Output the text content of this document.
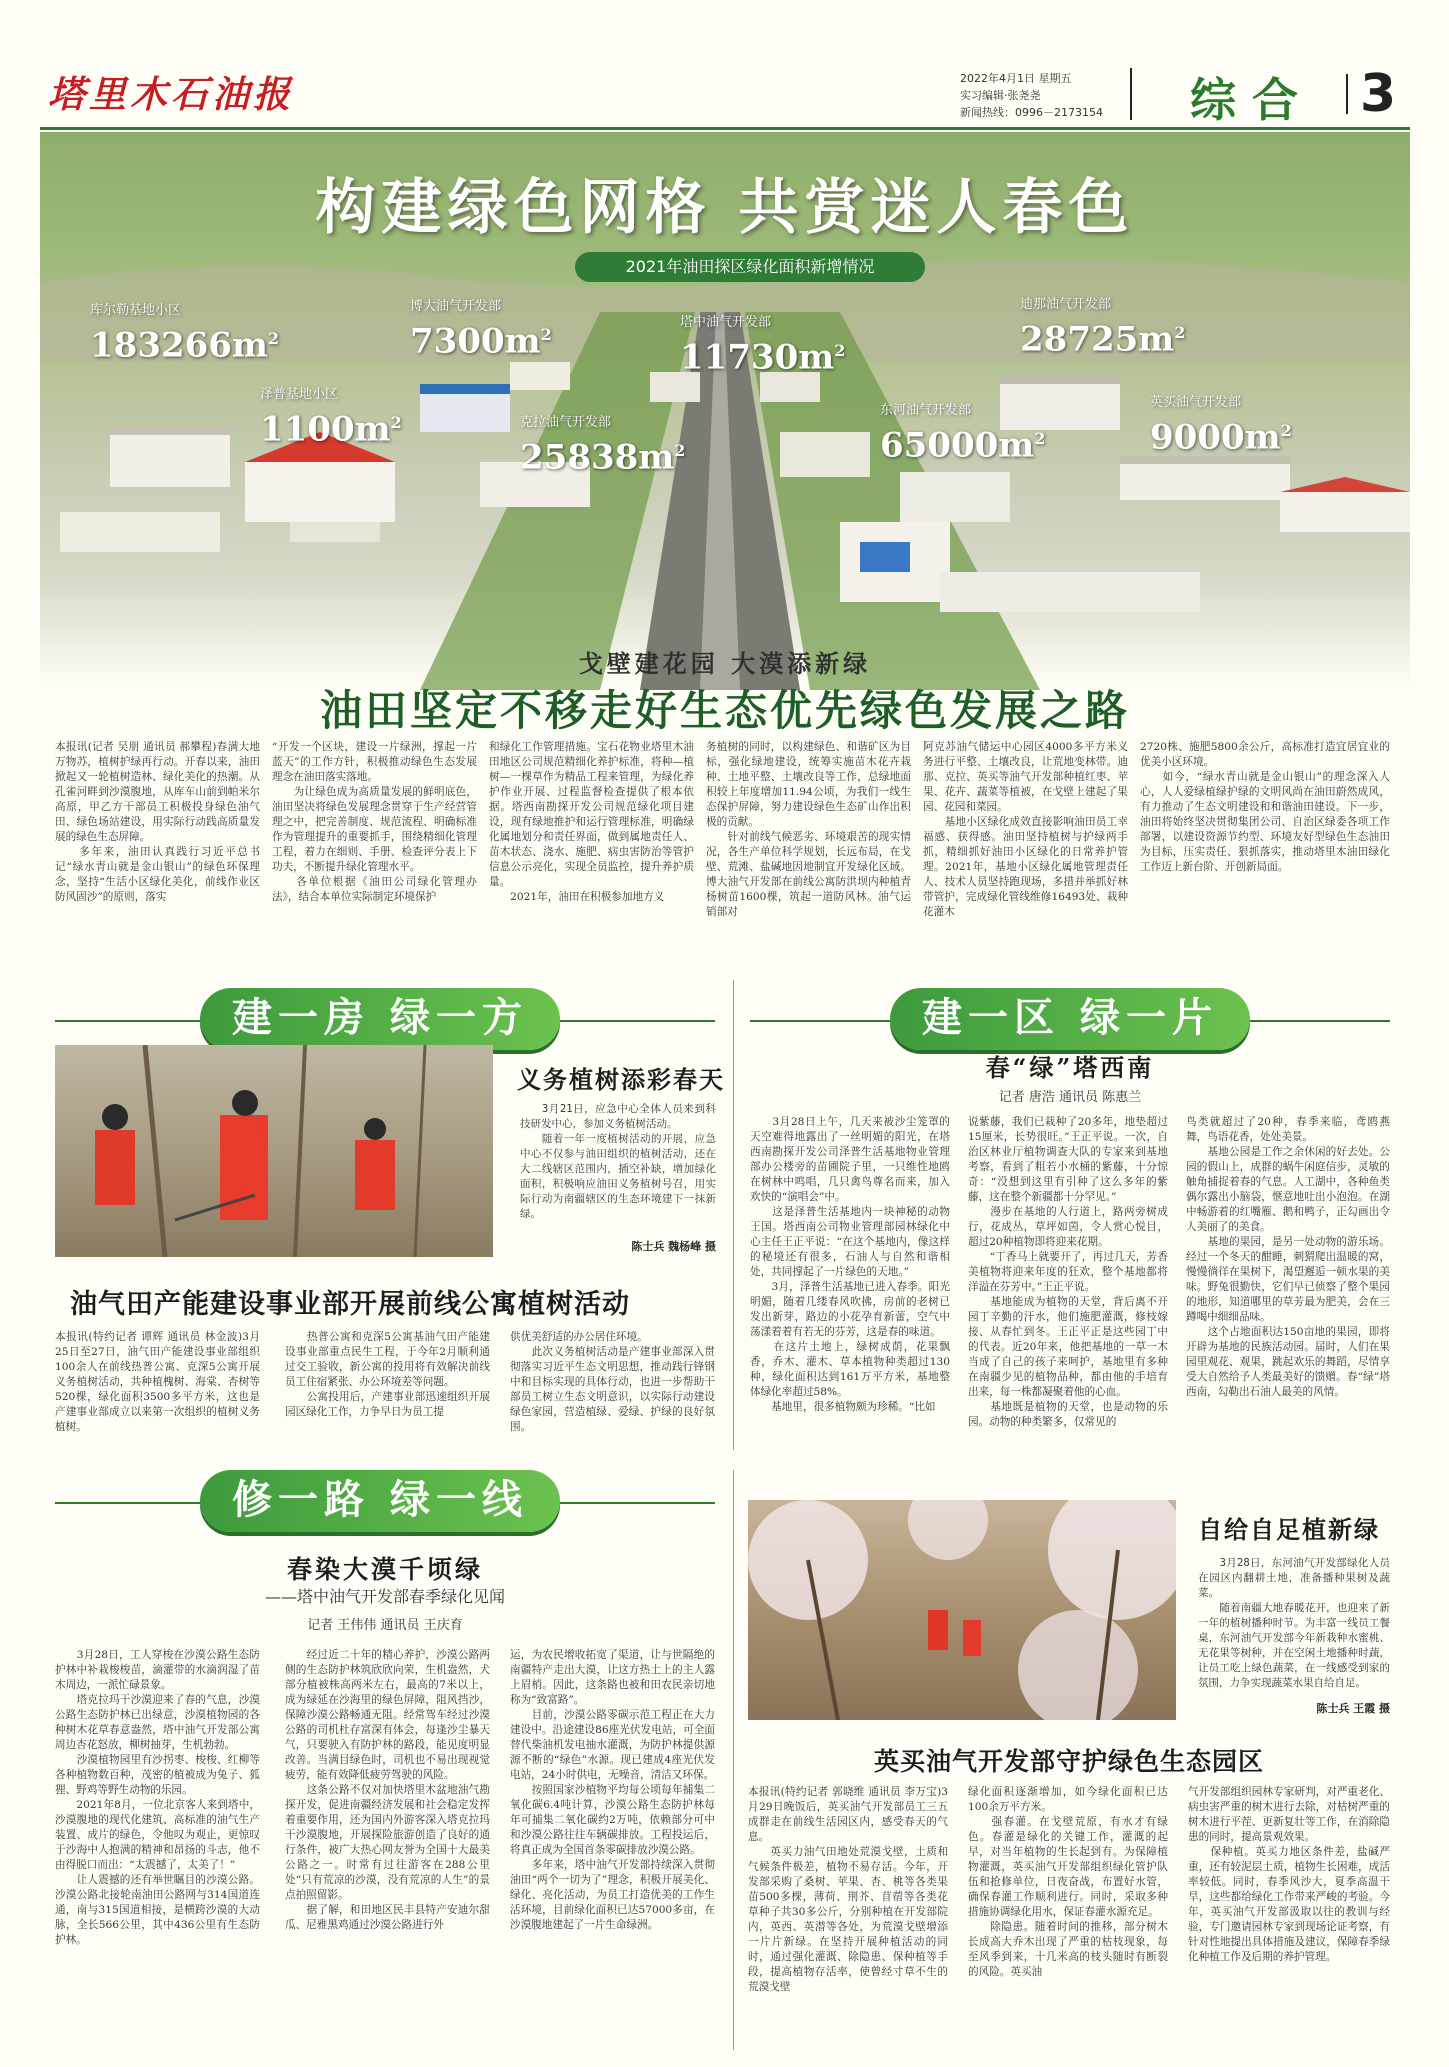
塔里木石油报	2022年4月1日 星期五
实习编辑·张尧尧
新闻热线：0996－2173154	综合 3
构建绿色网格 共赏迷人春色
2021年油田探区绿化面积新增情况
库尔勒基地小区
$183266m^2$
博大油气开发部
$7300m^2$
塔中油气开发部
$11730m^2$
迪那油气开发部
$28725m^2$
泽普基地小区
$1100m^2$	克拉油气开发部
$25838m^2$
东河油气开发部
$65000m^2$
英买油气开发部
$9000m^2$
戈壁建花园 大漠添新绿
油田坚定不移走好生态优先绿色发展之路
本报讯(记者 吴朋 通讯员 郝攀程)春满大地万物苏，植树护绿再行动。开春以来，油田掀起又一轮植树造林、绿化美化的热潮。从孔雀河畔到沙漠腹地，从库车山前到帕米尔高原，甲乙方干部员工积极投身绿色油气田、绿色场站建设，用实际行动践高质量发展的绿色生态屏障。
　　多年来，油田认真践行习近平总书记“绿水青山就是金山银山”的绿色环保理念，坚持“生活小区绿化美化，前线作业区防风固沙”的原则，落实
“开发一个区块，建设一片绿洲，撑起一片蓝天”的工作方针，积极推动绿色生态发展理念在油田落实落地。
　　为让绿色成为高质量发展的鲜明底色，油田坚决将绿色发展理念贯穿于生产经营管理之中，把完善制度、规范流程、明确标准作为管理提升的重要抓手，围绕精细化管理工程，着力在细则、手册、检查评分表上下功夫，不断提升绿化管理水平。
　　各单位根据《油田公司绿化管理办法》，结合本单位实际制定环境保护
和绿化工作管理措施。宝石花物业塔里木油田地区公司规范精细化养护标准，将种—植树—一棵草作为精品工程来管理，为绿化养护作业开展、过程监督检查提供了根本依据。塔西南勘探开发公司规范绿化项目建设，现有绿地推护和运行管理标准，明确绿化属地划分和责任界面，做到属地责任人、苗木状态、浇水、施肥、病虫害防治等管护信息公示亮化，实现全员监控，提升养护质量。
　　2021年，油田在积极参加地方义
务植树的同时，以构建绿色、和谐矿区为目标，强化绿地建设，统筹实施苗木花卉栽种、土地平整、土壤改良等工作，总绿地面积较上年度增加11.94公顷，为我们一线生态保护屏障，努力建设绿色生态矿山作出积极的贡献。
　　针对前线气候恶劣、环境艰苦的现实情况，各生产单位科学规划，长远布局，在戈壁、荒滩、盐碱地因地制宜开发绿化区域。博大油气开发部在前线公寓防洪坝内种植青杨树苗1600棵，筑起一道防风林。油气运销部对
阿克苏油气储运中心园区4000多平方米义务进行平整、土壤改良，让荒地变林带。迪那、克拉、英买等油气开发部种植红枣、苹果、花卉、蔬菜等植被，在戈壁上建起了果园、花园和菜园。
　　基地小区绿化成效直接影响油田员工幸福感、获得感。油田坚持植树与护绿两手抓，精细抓好油田小区绿化的日常养护管理。2021年，基地小区绿化属地管理责任人、技术人员坚持跑现场，多措并举抓好林带管护，完成绿化管线维修16493处、栽种花灌木
2720株、施肥5800余公斤，高标准打造宜居宜业的优美小区环境。
　　如今，“绿水青山就是金山银山”的理念深入人心，人人爱绿植绿护绿的文明风尚在油田蔚然成风，有力推动了生态文明建设和和谐油田建设。下一步，油田将始终坚决贯彻集团公司、自治区绿委各项工作部署，以建设资源节约型、环境友好型绿色生态油田为目标，压实责任、狠抓落实，推动塔里木油田绿化工作迈上新台阶、开创新局面。
建一房 绿一方
义务植树添彩春天
　　3月21日，应急中心全体人员来到科技研发中心，参加义务植树活动。
　　随着一年一度植树活动的开展，应急中心不仅参与油田组织的植树活动，还在大二线辖区范围内，插空补缺，增加绿化面积，积极响应油田义务植树号召，用实际行动为南疆辖区的生态环境建下一抹新绿。
陈士兵 魏杨峰 摄
油气田产能建设事业部开展前线公寓植树活动
本报讯(特约记者 谭辉 通讯员 林金波)3月25日至27日，油气田产能建设事业部组织100余人在前线热普公寓、克深5公寓开展义务植树活动，共种植槐树、海棠、杏树等520棵，绿化面积3500多平方米，这也是产建事业部成立以来第一次组织的植树义务植树。
　　热普公寓和克深5公寓基油气田产能建设事业部重点民生工程，于今年2月顺利通过交工验收，新公寓的投用将有效解决前线员工住宿紧张、办公环境差等问题。
　　公寓投用后，产建事业部迅速组织开展园区绿化工作，力争早日为员工提
供优美舒适的办公居住环境。
　　此次义务植树活动是产建事业部深入贯彻落实习近平生态文明思想，推动践行锋钢中和目标实现的具体行动，也进一步帮助干部员工树立生态文明意识，以实际行动建设绿色家园，营造植绿、爱绿、护绿的良好氛围。
建一区 绿一片
春“绿”塔西南
记者 唐浩 通讯员 陈惠兰
　　3月28日上午，几天来被沙尘笼罩的天空难得地露出了一丝明媚的阳光，在塔西南勘探开发公司泽普生活基地物业管理部办公楼旁的苗圃院子里，一只维性地鸥在树林中鸣唱，几只禽鸟尊名而来，加入欢快的“演唱会”中。
　　这是泽普生活基地内一块神秘的动物王国。塔西南公司物业管理部园林绿化中心主任王正平说：“在这个基地内，像这样的秘境还有很多，石油人与自然和谐相处，共同撑起了一片绿色的天地。”
　　3月，泽普生活基地已进入春季。阳光明媚，随着几缕春风吹拂，房前的老树已发出新芽，路边的小花孕育新蕾，空气中荡漾着着有若无的芬芳，这是春的味道。
　　在这片土地上，绿树成荫，花果飘香，乔木、灌木、草本植物种类超过130种，绿化面积达到161万平方米，基地整体绿化率超过58%。
　　基地里，很多植物颇为珍稀。“比如
说紫藤，我们已栽种了20多年，地垫超过15厘米，长势很旺。”王正平说。一次，自治区林业厅植物调查大队的专家来到基地考察，看到了粗若小水桶的紫藤，十分惊奇：“没想到这里有引种了这么多年的紫藤，这在整个新疆都十分罕见。”
　　漫步在基地的人行道上，路两旁树成行，花成丛，草坪如茵，令人赏心悦目，超过20种植物即将迎来花期。
　　“丁香马上就要开了，再过几天，芳香美植物将迎来年度的狂欢，整个基地都将洋溢在芬芳中。”王正平说。
　　基地能成为植物的天堂，背后离不开园丁辛勤的汗水，他们施肥灌溉，修枝嫁接、从春忙到冬。王正平正是这些园丁中的代表。近20年来，他把基地的一草一木当成了自己的孩子来呵护，基地里有多种在南疆少见的植物品种，都由他的手培育出来，每一株都凝聚着他的心血。
　　基地既是植物的天堂，也是动物的乐园。动物的种类繁多，仅常见的
鸟类就超过了20种，春季来临，鸢鸥燕舞，鸟语花香，处处美景。
　　基地公园是工作之余休闲的好去处。公园的假山上，成群的蜗牛闲庭信步，灵敏的触角捕捉着春的气息。人工湖中，各种鱼类偶尔露出小脑袋，惬意地吐出小泡泡。在湖中畅游着的红嘴雁、鹅和鸭子，正勾画出令人美丽了的美食。
　　基地的果园，是另一处动物的游乐场。经过一个冬天的酣睡，刺猬爬出温暖的窝，慢慢徜徉在果树下，渴望邂逅一顿水果的美味。野兔很勤快，它们早已侦察了整个果园的地形，知道哪里的草芳最为肥美，会在三蹲喝中细细品味。
　　这个占地面积达150亩地的果园，即将开辟为基地的民族活动园。届时，人们在果园里观花、观果，跳起欢乐的舞蹈，尽情享受大自然给予人类最美好的馈赠。春“绿”塔西南，勾勒出石油人最美的风情。
修一路 绿一线
春染大漠千顷绿
——塔中油气开发部春季绿化见闻
记者 王伟伟 通讯员 王庆育
　　3月28日，工人穿梭在沙漠公路生态防护林中补栽梭梭苗，滴灌带的水滴润湿了苗木周边，一派忙碌景象。
　　塔克拉玛干沙漠迎来了春的气息，沙漠公路生态防护林已出绿意，沙漠植物园的各种树木花草春意盎然，塔中油气开发部公寓周边杏花怒放，柳树抽芽，生机勃勃。
　　沙漠植物园里有沙拐枣、梭梭、红柳等各种植物数百种，茂密的植被成为兔子、狐狸、野鸡等野生动物的乐园。
　　2021年8月，一位北京客人来到塔中，沙漠腹地的现代化建筑、高标准的油气生产装置、成片的绿色，令他叹为观止，更惊叹于沙海中人抱满的精神和昂扬的斗志，他不由得脱口而出：“太震撼了，太美了！”
　　让人震撼的还有举世瞩目的沙漠公路。沙漠公路北接轮南油田公路网与314国道连通，南与315国道相接，是横跨沙漠的大动脉，全长566公里，其中436公里有生态防护林。
　　经过近二十年的精心养护，沙漠公路两侧的生态防护林筑欣欣向荣，生机盎然，犬部分植被株高两米左右，最高的7米以上，成为绿延在沙海里的绿色屏障，阻风挡沙，保障沙漠公路畅通无阻。经常驾车经过沙漠公路的司机杜存富深有体会，每逢沙尘暴天气，只要驶入有防护林的路段，能见度明显改善。当满目绿色时，司机也不易出现视觉疲劳，能有效降低疲劳驾驶的风险。
　　这条公路不仅对加快塔里木盆地油气勘探开发，促进南疆经济发展和社会稳定发挥着重要作用，还为国内外游客深入塔克拉玛干沙漠腹地，开展探险旅游创造了良好的通行条件，被广大热心网友誉为全国十大最美公路之一。时常有过往游客在288公里处“只有荒凉的沙漠，没有荒凉的人生”的景点拍照留影。
　　据了解，和田地区民丰县特产安迪尔甜瓜、尼雅黑鸡通过沙漠公路进行外
运，为农民增收拓宽了渠道，让与世隔绝的南疆特产走出大漠，让这方热土上的主人露上眉梢。因此，这条路也被和田农民亲切地称为“致富路”。
　　目前，沙漠公路零碳示范工程正在大力建设中。沿途建设86座光伏发电站，可全面替代柴油机发电抽水灌溉，为防护林提供源源不断的“绿色”水源。现已建成4座光伏发电站，24小时供电，无噪音，清洁又环保。
　　按照国家沙植物平均每公顷每年捕集二氧化碳6.4吨计算，沙漠公路生态防护林每年可捕集二氧化碳约2万吨，依赖部分可中和沙漠公路往往车辆碳排放。工程投运后，将真正成为全国首条零碳排放沙漠公路。
　　多年来，塔中油气开发部持续深入贯彻油田“两个一切为了”理念，积极开展美化、绿化、亮化活动，为员工打造优美的工作生活环境，目前绿化面积已达57000多亩，在沙漠腹地建起了一片生命绿洲。
自给自足植新绿
　　3月28日，东河油气开发部绿化人员在园区内翻耕土地，准备播种果树及蔬菜。
　　随着南疆大地春暖花开，也迎来了新一年的植树播种时节。为丰富一线员工餐桌，东河油气开发部今年新栽种水蜜桃、无花果等树种，并在空闲土地播种时蔬，让员工吃上绿色蔬菜，在一线感受到家的氛围，力争实现蔬菜水果自给自足。
陈士兵 王霞 摄
英买油气开发部守护绿色生态园区
本报讯(特约记者 郭晓维 通讯员 李万宝)3月29日晚饭后，英买油气开发部员工三五成群走在前线生活园区内，感受春天的气息。
　　英买力油气田地处荒漠戈壁，土质和气候条件极差，植物不易存活。今年，开发部采购了桑树、苹果、杏、桃等各类果苗500多棵，薄荷、荆芥、苜蓿等各类花草种子共30多公斤，分别种植在开发部院内，英西、英潜等各处，为荒漠戈壁增添一片片新绿。在坚持开展种植活动的同时，通过强化灌溉、除隐患、保种植等手段，提高植物存活率，使曾经寸草不生的荒漠戈壁
绿化面积逐渐增加，如今绿化面积已达100余万平方米。
　　强春灌。在戈壁荒原，有水才有绿色。春灌是绿化的关键工作，灌溉的起早，对当年植物的生长起到有。为保障植物灌溉，英买油气开发部组织绿化管护队伍和抢修单位，日夜奋战，布置好水管，确保春灌工作顺利进行。同时，采取多种措施协调绿化用水，保证春灌水源充足。
　　除隐患。随着时间的推移，部分树木长成高大乔木出现了严重的枯枝现象，每至风季到来，十几米高的枝头随时有断裂的风险。英买油
气开发部组织园林专家研判，对严重老化、病虫害严重的树木进行去除，对枯树严重的树木进行平茬、更新复壮等工作，在消除隐患的同时，提高景观效果。
　　保种植。英买力地区条件差，盐碱严重，还有较泥层土质，植物生长困难，成活率较低。同时，春季风沙大，夏季高温干旱，这些都给绿化工作带来严峻的考验。今年，英买油气开发部汲取以往的教训与经验，专门邀请园林专家到现场论证考察，有针对性地提出具体措施及建议，保障春季绿化种植工作及后期的养护管理。
